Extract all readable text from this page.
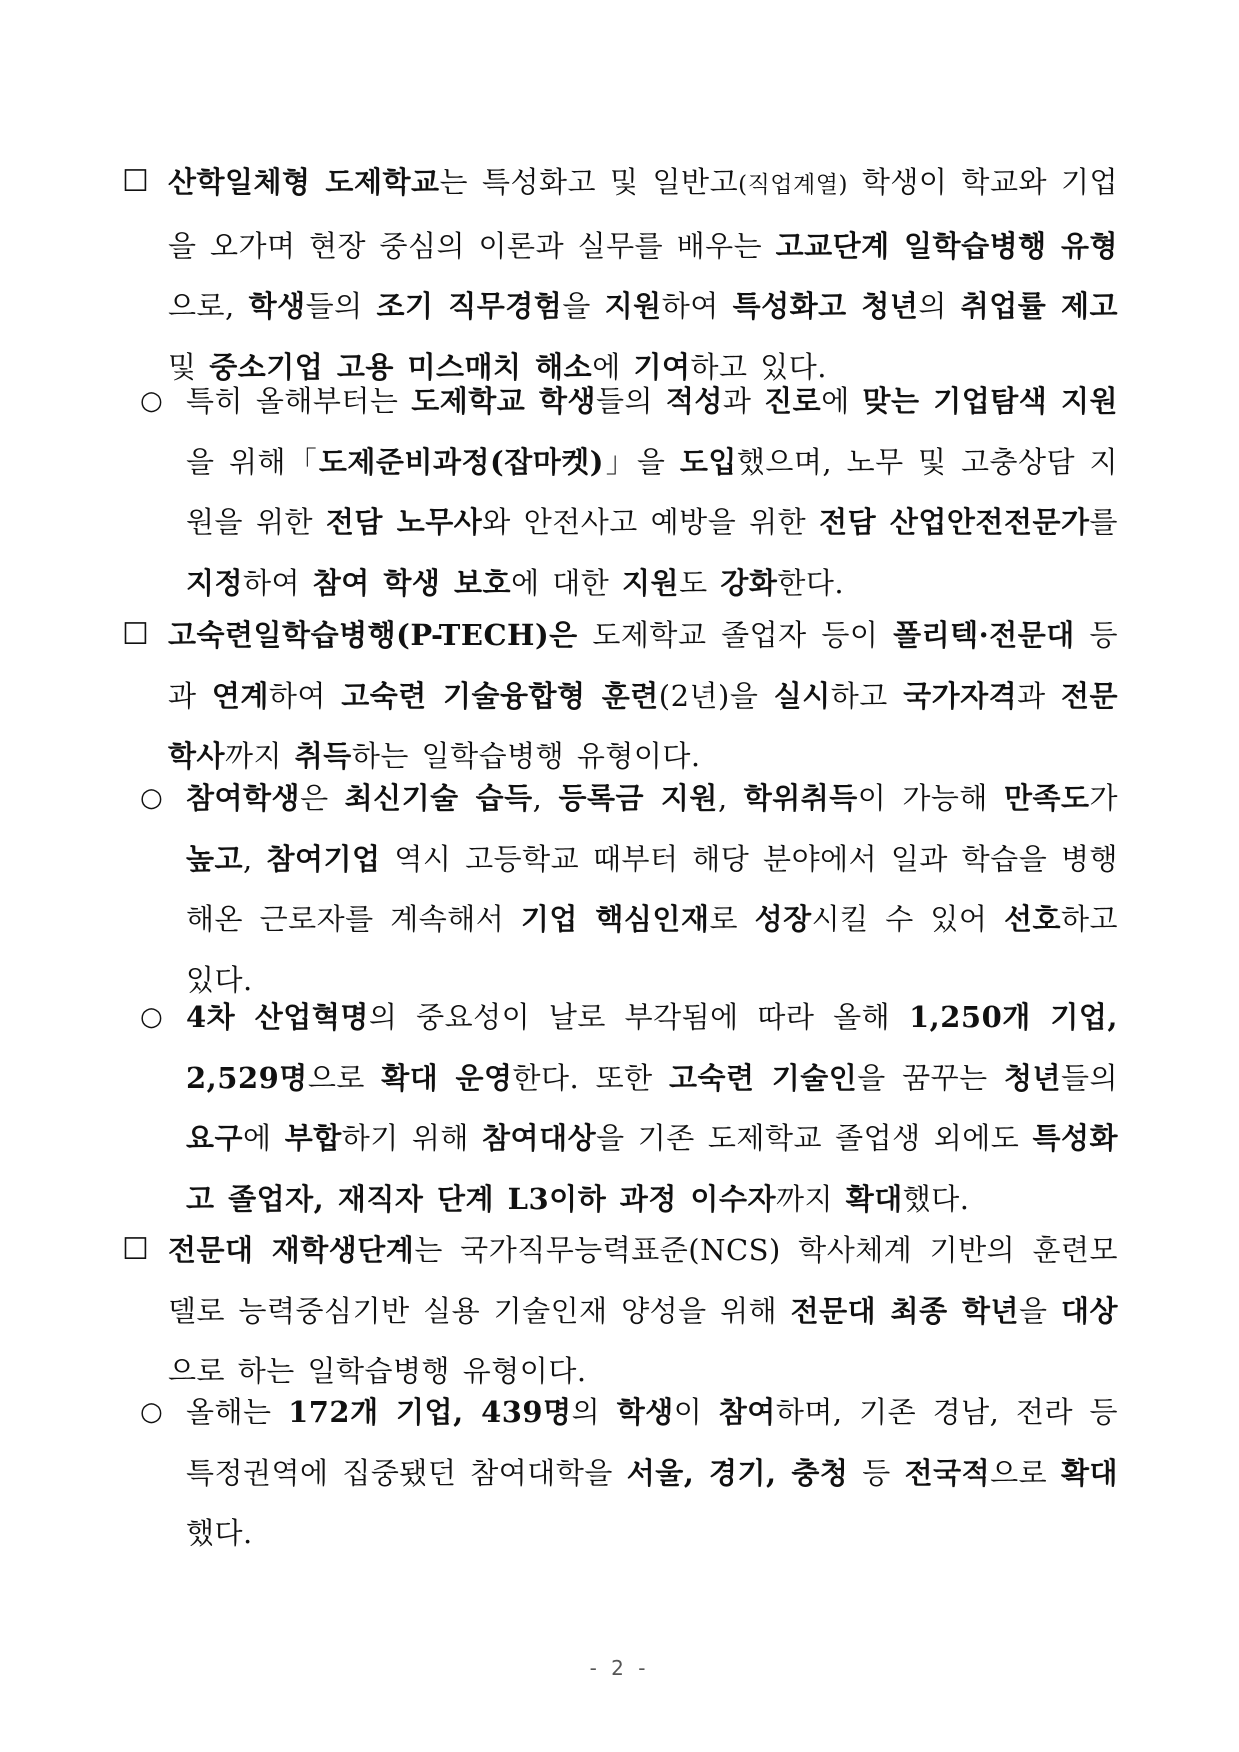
☐ 산학일체형 도제학교는 특성화고 및 일반고(직업계열) 학생이 학교와 기업을 오가며 현장 중심의 이론과 실무를 배우는 고교단계 일학습병행 유형으로, 학생들의 조기 직무경험을 지원하여 특성화고 청년의 취업률 제고 및 중소기업 고용 미스매치 해소에 기여하고 있다.

○ 특히 올해부터는 도제학교 학생들의 적성과 진로에 맞는 기업탐색 지원을 위해「도제준비과정(잡마켓)」을 도입했으며, 노무 및 고충상담 지원을 위한 전담 노무사와 안전사고 예방을 위한 전담 산업안전전문가를 지정하여 참여 학생 보호에 대한 지원도 강화한다.

☐ 고숙련일학습병행(P-TECH)은 도제학교 졸업자 등이 폴리텍·전문대 등과 연계하여 고숙련 기술융합형 훈련(2년)을 실시하고 국가자격과 전문학사까지 취득하는 일학습병행 유형이다.

○ 참여학생은 최신기술 습득, 등록금 지원, 학위취득이 가능해 만족도가 높고, 참여기업 역시 고등학교 때부터 해당 분야에서 일과 학습을 병행해온 근로자를 계속해서 기업 핵심인재로 성장시킬 수 있어 선호하고 있다.

○ 4차 산업혁명의 중요성이 날로 부각됨에 따라 올해 1,250개 기업, 2,529명으로 확대 운영한다. 또한 고숙련 기술인을 꿈꾸는 청년들의 요구에 부합하기 위해 참여대상을 기존 도제학교 졸업생 외에도 특성화고 졸업자, 재직자 단계 L3이하 과정 이수자까지 확대했다.

☐ 전문대 재학생단계는 국가직무능력표준(NCS) 학사체계 기반의 훈련모델로 능력중심기반 실용 기술인재 양성을 위해 전문대 최종 학년을 대상으로 하는 일학습병행 유형이다.

○ 올해는 172개 기업, 439명의 학생이 참여하며, 기존 경남, 전라 등 특정권역에 집중됐던 참여대학을 서울, 경기, 충청 등 전국적으로 확대했다.

- 2 -
